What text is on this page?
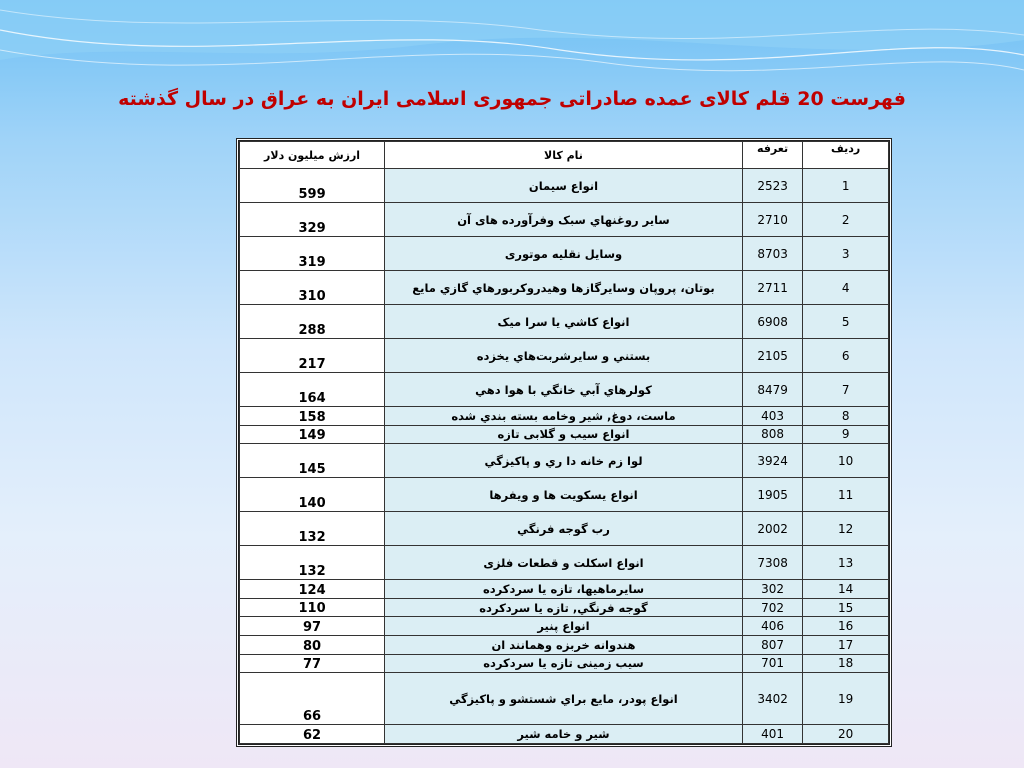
فهرست 20 قلم کالای عمده صادراتی جمهوری اسلامی ایران به عراق در سال گذشته
ارزش میلیون دلار	نام كالا	تعرفه	رديف
599	انواع سيمان	2523	1
329	ساير روغنهاي سبک وفرآورده های آن	2710	2
319	وسايل نقليه موتوری	8703	3
310	بوتان، پروپان وسايرگازها وهيدروكربورهاي گازي مايع	2711	4
288	انواع كاشي يا سرا میک	6908	5
217	بستني و سايرشربت‌هاي يخزده	2105	6
164	كولرهاي آبي خانگي با هوا دهي	8479	7
158	ماست، دوغ, شير وخامه بسته بندي شده	403	8
149	انواع سيب و گلابی تازه	808	9
145	لوا زم خانه دا ري و پاكيزگي	3924	10
140	انواع يسكويت ها و ويفرها	1905	11
132	رب گوجه فرنگي	2002	12
132	انواع اسكلت و قطعات فلزی	7308	13
124	سايرماهيها، تازه يا سردكرده	302	14
110	گوجه فرنگي, تازه يا سردكرده	702	15
97	انواع پنير	406	16
80	هندوانه خربزه وهمانند ان	807	17
77	سيب زمينی تازه يا سردكرده	701	18
66	انواع پودر، مايع براي شستشو و پاكيزگي	3402	19
62	شير و خامه شير	401	20
